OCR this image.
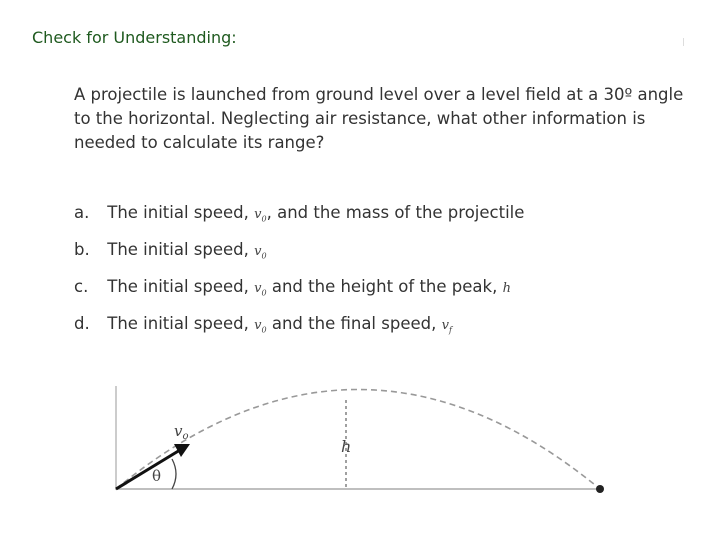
Check for Understanding:
A projectile is launched from ground level over a level field at a 30º angle to the horizontal. Neglecting air resistance, what other information is needed to calculate its range?
a. The initial speed, $v_0$, and the mass of the projectile
b. The initial speed, $v_0$
c. The initial speed, $v_0$ and the height of the peak, h
d. The initial speed, $v_0$ and the final speed, $v_f$
$v_o$
h
θ
